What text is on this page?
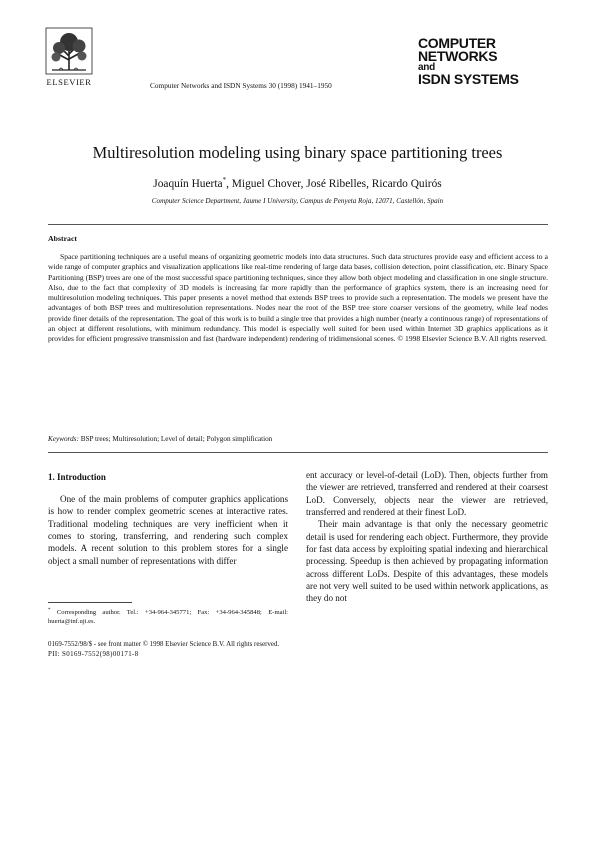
ELSEVIER	Computer Networks and ISDN Systems 30 (1998) 1941–1950
COMPUTER
NETWORKS
and
ISDN SYSTEMS
Multiresolution modeling using binary space partitioning trees
Joaquín Huerta*, Miguel Chover, José Ribelles, Ricardo Quirós
Computer Science Department, Jaume I University, Campus de Penyeta Roja, 12071, Castellón, Spain
Abstract
Space partitioning techniques are a useful means of organizing geometric models into data structures. Such data structures provide easy and efficient access to a wide range of computer graphics and visualization applications like real-time rendering of large data bases, collision detection, point classification, etc. Binary Space Partitioning (BSP) trees are one of the most successful space partitioning techniques, since they allow both object modeling and classification in one single structure. Also, due to the fact that complexity of 3D models is increasing far more rapidly than the performance of graphics system, there is an increasing need for multiresolution modeling techniques. This paper presents a novel method that extends BSP trees to provide such a representation. The models we present have the advantages of both BSP trees and multiresolution representations. Nodes near the root of the BSP tree store coarser versions of the geometry, while leaf nodes provide finer details of the representation. The goal of this work is to build a single tree that provides a high number (nearly a continuous range) of representations of an object at different resolutions, with minimum redundancy. This model is especially well suited for been used within Internet 3D graphics applications as it provides for efficient progressive transmission and fast (hardware independent) rendering of tridimensional scenes. © 1998 Elsevier Science B.V. All rights reserved.
Keywords: BSP trees; Multiresolution; Level of detail; Polygon simplification
1. Introduction

One of the main problems of computer graphics applications is how to render complex geometric scenes at interactive rates. Traditional modeling techniques are very inefficient when it comes to storing, transferring, and rendering such complex models. A recent solution to this problem stores for a single object a small number of representations with differ

ent accuracy or level-of-detail (LoD). Then, objects further from the viewer are retrieved, transferred and rendered at their coarsest LoD. Conversely, objects near the viewer are retrieved, transferred and rendered at their finest LoD.

Their main advantage is that only the necessary geometric detail is used for rendering each object. Furthermore, they provide for fast data access by exploiting spatial indexing and hierarchical processing. Speedup is then achieved by propagating information across different LoDs. Despite of this advantages, these models are not very well suited to be used within network applications, as they do not

* Corresponding author. Tel.: +34-964-345771; Fax: +34-964-345848; E-mail: huerta@inf.uji.es.
0169-7552/98/$ - see front matter © 1998 Elsevier Science B.V. All rights reserved.
PII: S0169-7552(98)00171-8
